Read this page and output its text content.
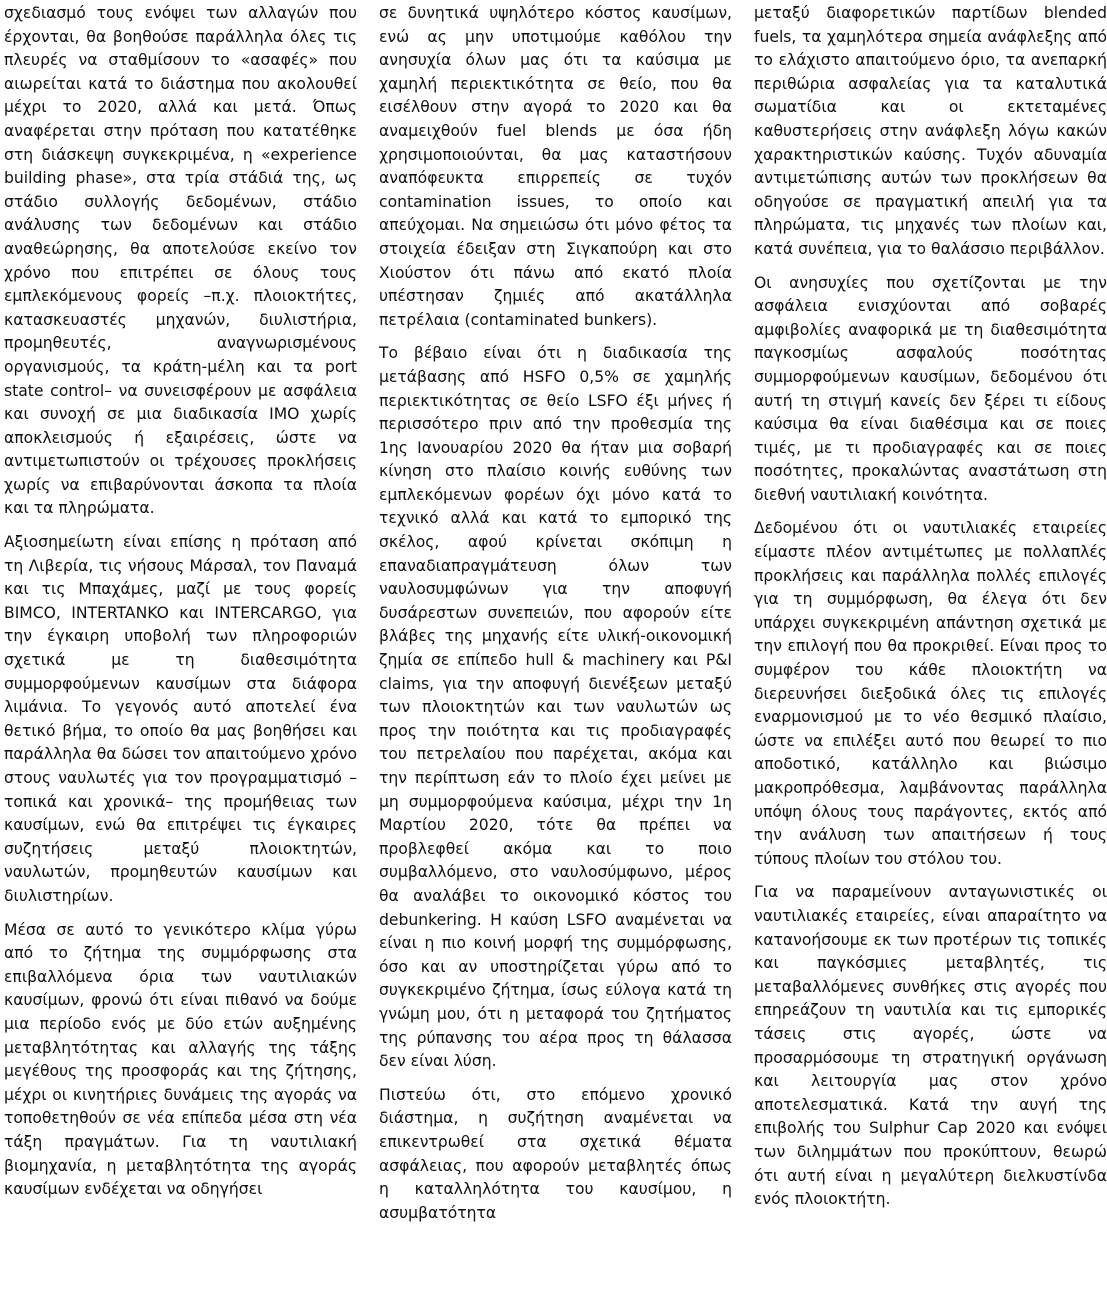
σχεδιασμό τους ενόψει των αλλαγών που έρχονται, θα βοηθούσε παράλληλα όλες τις πλευρές να σταθμίσουν το «ασαφές» που αιωρείται κατά το διάστημα που ακολουθεί μέχρι το 2020, αλλά και μετά. Όπως αναφέρεται στην πρόταση που κατατέθηκε στη διάσκεψη συγκεκριμένα, η «experience building phase», στα τρία στάδιά της, ως στάδιο συλλογής δεδομένων, στάδιο ανάλυσης των δεδομένων και στάδιο αναθεώρησης, θα αποτελούσε εκείνο τον χρόνο που επιτρέπει σε όλους τους εμπλεκόμενους φορείς –π.χ. πλοιοκτήτες, κατασκευαστές μηχανών, διυλιστήρια, προμηθευτές, αναγνωρισμένους οργανισμούς, τα κράτη-μέλη και τα port state control– να συνεισφέρουν με ασφάλεια και συνοχή σε μια διαδικασία ΙΜΟ χωρίς αποκλεισμούς ή εξαιρέσεις, ώστε να αντιμετωπιστούν οι τρέχουσες προκλήσεις χωρίς να επιβαρύνονται άσκοπα τα πλοία και τα πληρώματα.

Αξιοσημείωτη είναι επίσης η πρόταση από τη Λιβερία, τις νήσους Μάρσαλ, τον Παναμά και τις Μπαχάμες, μαζί με τους φορείς BIMCO, INTERTANKO και INTERCARGO, για την έγκαιρη υποβολή των πληροφοριών σχετικά με τη διαθεσιμότητα συμμορφούμενων καυσίμων στα διάφορα λιμάνια. Το γεγονός αυτό αποτελεί ένα θετικό βήμα, το οποίο θα μας βοηθήσει και παράλληλα θα δώσει τον απαιτούμενο χρόνο στους ναυλωτές για τον προγραμματισμό –τοπικά και χρονικά– της προμήθειας των καυσίμων, ενώ θα επιτρέψει τις έγκαιρες συζητήσεις μεταξύ πλοιοκτητών, ναυλωτών, προμηθευτών καυσίμων και διυλιστηρίων.

Μέσα σε αυτό το γενικότερο κλίμα γύρω από το ζήτημα της συμμόρφωσης στα επιβαλλόμενα όρια των ναυτιλιακών καυσίμων, φρονώ ότι είναι πιθανό να δούμε μια περίοδο ενός με δύο ετών αυξημένης μεταβλητότητας και αλλαγής της τάξης μεγέθους της προσφοράς και της ζήτησης, μέχρι οι κινητήριες δυνάμεις της αγοράς να τοποθετηθούν σε νέα επίπεδα μέσα στη νέα τάξη πραγμάτων. Για τη ναυτιλιακή βιομηχανία, η μεταβλητότητα της αγοράς καυσίμων ενδέχεται να οδηγήσει

σε δυνητικά υψηλότερο κόστος καυσίμων, ενώ ας μην υποτιμούμε καθόλου την ανησυχία όλων μας ότι τα καύσιμα με χαμηλή περιεκτικότητα σε θείο, που θα εισέλθουν στην αγορά το 2020 και θα αναμειχθούν fuel blends με όσα ήδη χρησιμοποιούνται, θα μας καταστήσουν αναπόφευκτα επιρρεπείς σε τυχόν contamination issues, το οποίο και απεύχομαι. Να σημειώσω ότι μόνο φέτος τα στοιχεία έδειξαν στη Σιγκαπούρη και στο Χιούστον ότι πάνω από εκατό πλοία υπέστησαν ζημιές από ακατάλληλα πετρέλαια (contaminated bunkers).

Το βέβαιο είναι ότι η διαδικασία της μετάβασης από HSFO 0,5% σε χαμηλής περιεκτικότητας σε θείο LSFO έξι μήνες ή περισσότερο πριν από την προθεσμία της 1ης Ιανουαρίου 2020 θα ήταν μια σοβαρή κίνηση στο πλαίσιο κοινής ευθύνης των εμπλεκόμενων φορέων όχι μόνο κατά το τεχνικό αλλά και κατά το εμπορικό της σκέλος, αφού κρίνεται σκόπιμη η επαναδιαπραγμάτευση όλων των ναυλοσυμφώνων για την αποφυγή δυσάρεστων συνεπειών, που αφορούν είτε βλάβες της μηχανής είτε υλική-οικονομική ζημία σε επίπεδο hull & machinery και P&I claims, για την αποφυγή διενέξεων μεταξύ των πλοιοκτητών και των ναυλωτών ως προς την ποιότητα και τις προδιαγραφές του πετρελαίου που παρέχεται, ακόμα και την περίπτωση εάν το πλοίο έχει μείνει με μη συμμορφούμενα καύσιμα, μέχρι την 1η Μαρτίου 2020, τότε θα πρέπει να προβλεφθεί ακόμα και το ποιο συμβαλλόμενο, στο ναυλοσύμφωνο, μέρος θα αναλάβει το οικονομικό κόστος του debunkering. Η καύση LSFO αναμένεται να είναι η πιο κοινή μορφή της συμμόρφωσης, όσο και αν υποστηρίζεται γύρω από το συγκεκριμένο ζήτημα, ίσως εύλογα κατά τη γνώμη μου, ότι η μεταφορά του ζητήματος της ρύπανσης του αέρα προς τη θάλασσα δεν είναι λύση.

Πιστεύω ότι, στο επόμενο χρονικό διάστημα, η συζήτηση αναμένεται να επικεντρωθεί στα σχετικά θέματα ασφάλειας, που αφορούν μεταβλητές όπως η καταλληλότητα του καυσίμου, η ασυμβατότητα

μεταξύ διαφορετικών παρτίδων blended fuels, τα χαμηλότερα σημεία ανάφλεξης από το ελάχιστο απαιτούμενο όριο, τα ανεπαρκή περιθώρια ασφαλείας για τα καταλυτικά σωματίδια και οι εκτεταμένες καθυστερήσεις στην ανάφλεξη λόγω κακών χαρακτηριστικών καύσης. Τυχόν αδυναμία αντιμετώπισης αυτών των προκλήσεων θα οδηγούσε σε πραγματική απειλή για τα πληρώματα, τις μηχανές των πλοίων και, κατά συνέπεια, για το θαλάσσιο περιβάλλον.

Οι ανησυχίες που σχετίζονται με την ασφάλεια ενισχύονται από σοβαρές αμφιβολίες αναφορικά με τη διαθεσιμότητα παγκοσμίως ασφαλούς ποσότητας συμμορφούμενων καυσίμων, δεδομένου ότι αυτή τη στιγμή κανείς δεν ξέρει τι είδους καύσιμα θα είναι διαθέσιμα και σε ποιες τιμές, με τι προδιαγραφές και σε ποιες ποσότητες, προκαλώντας αναστάτωση στη διεθνή ναυτιλιακή κοινότητα.

Δεδομένου ότι οι ναυτιλιακές εταιρείες είμαστε πλέον αντιμέτωπες με πολλαπλές προκλήσεις και παράλληλα πολλές επιλογές για τη συμμόρφωση, θα έλεγα ότι δεν υπάρχει συγκεκριμένη απάντηση σχετικά με την επιλογή που θα προκριθεί. Είναι προς το συμφέρον του κάθε πλοιοκτήτη να διερευνήσει διεξοδικά όλες τις επιλογές εναρμονισμού με το νέο θεσμικό πλαίσιο, ώστε να επιλέξει αυτό που θεωρεί το πιο αποδοτικό, κατάλληλο και βιώσιμο μακροπρόθεσμα, λαμβάνοντας παράλληλα υπόψη όλους τους παράγοντες, εκτός από την ανάλυση των απαιτήσεων ή τους τύπους πλοίων του στόλου του.

Για να παραμείνουν ανταγωνιστικές οι ναυτιλιακές εταιρείες, είναι απαραίτητο να κατανοήσουμε εκ των προτέρων τις τοπικές και παγκόσμιες μεταβλητές, τις μεταβαλλόμενες συνθήκες στις αγορές που επηρεάζουν τη ναυτιλία και τις εμπορικές τάσεις στις αγορές, ώστε να προσαρμόσουμε τη στρατηγική οργάνωση και λειτουργία μας στον χρόνο αποτελεσματικά. Κατά την αυγή της επιβολής του Sulphur Cap 2020 και ενόψει των διλημμάτων που προκύπτουν, θεωρώ ότι αυτή είναι η μεγαλύτερη διελκυστίνδα ενός πλοιοκτήτη.
